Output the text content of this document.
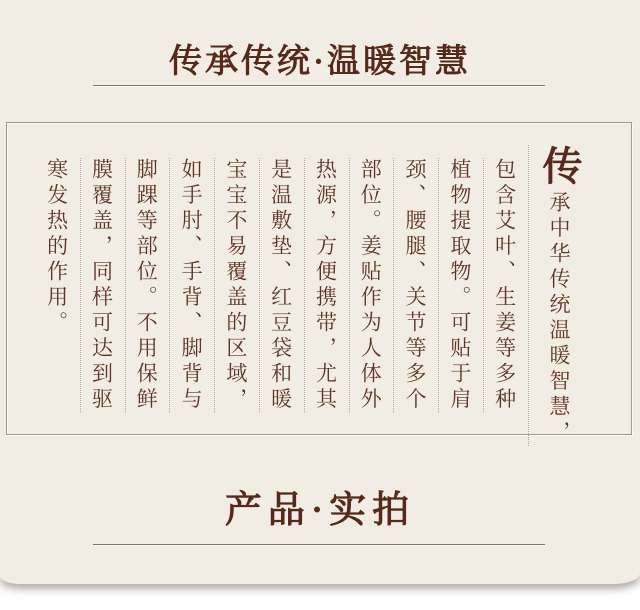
传承传统·温暖智慧
寒发热的作用。 膜覆盖，同样可达到驱 脚踝等部位。不用保鲜 如手肘、手背、脚背与 宝宝不易覆盖的区域， 是温敷垫、红豆袋和暖 热源，方便携带，尤其 部位。姜贴作为人体外 颈、腰腿、关节等多个 植物提取物。可贴于肩 包含艾叶、生姜等多种 传承中华传统温暖智慧，
产品·实拍
